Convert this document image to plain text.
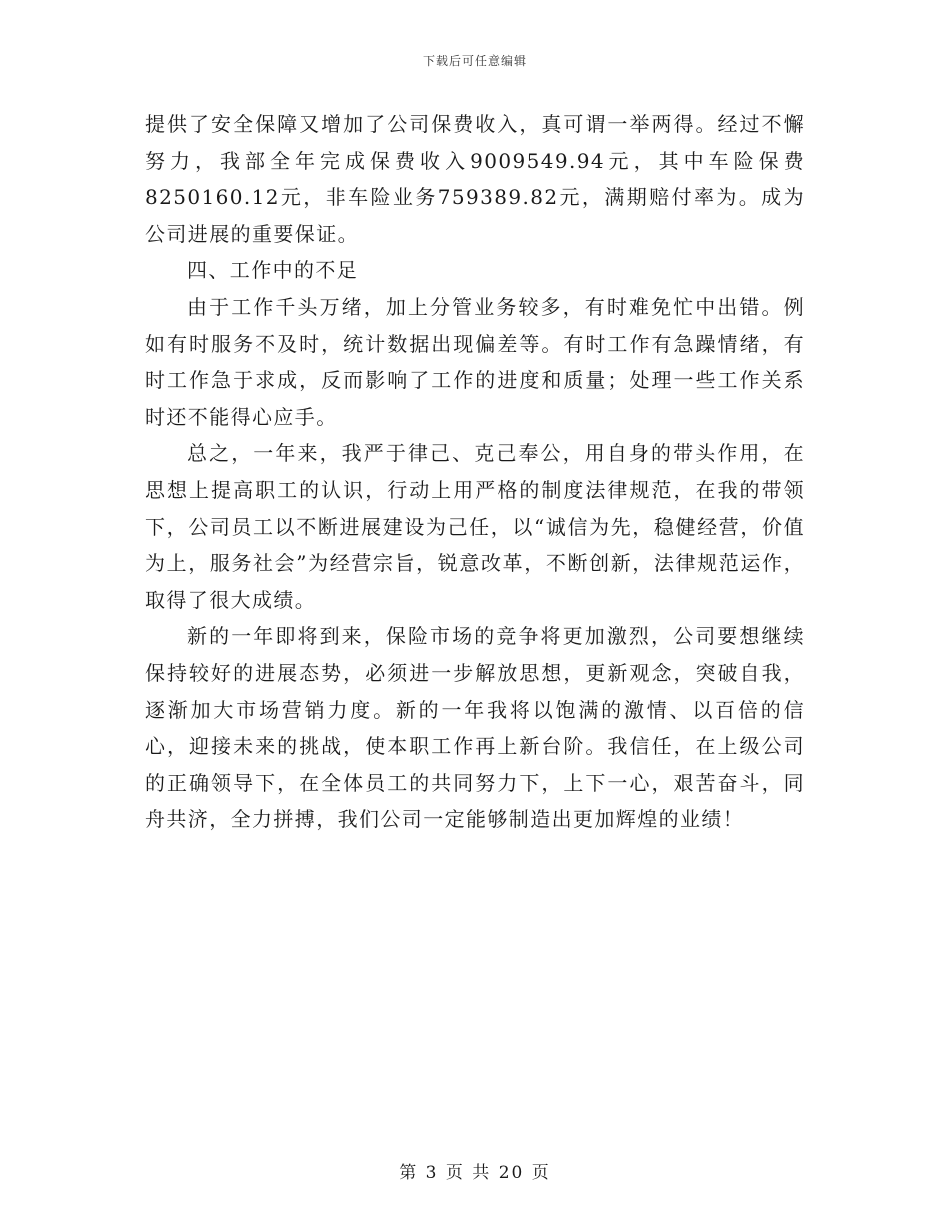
下载后可任意编辑

提供了安全保障又增加了公司保费收入，真可谓一举两得。经过不懈努力，我部全年完成保费收入9009549.94元，其中车险保费8250160.12元，非车险业务759389.82元，满期赔付率为。成为公司进展的重要保证。

四、工作中的不足

由于工作千头万绪，加上分管业务较多，有时难免忙中出错。例如有时服务不及时，统计数据出现偏差等。有时工作有急躁情绪，有时工作急于求成，反而影响了工作的进度和质量；处理一些工作关系时还不能得心应手。

总之，一年来，我严于律己、克己奉公，用自身的带头作用，在思想上提高职工的认识，行动上用严格的制度法律规范，在我的带领下，公司员工以不断进展建设为己任，以“诚信为先，稳健经营，价值为上，服务社会”为经营宗旨，锐意改革，不断创新，法律规范运作，取得了很大成绩。

新的一年即将到来，保险市场的竞争将更加激烈，公司要想继续保持较好的进展态势，必须进一步解放思想，更新观念，突破自我，逐渐加大市场营销力度。新的一年我将以饱满的激情、以百倍的信心，迎接未来的挑战，使本职工作再上新台阶。我信任，在上级公司的正确领导下，在全体员工的共同努力下，上下一心，艰苦奋斗，同舟共济，全力拼搏，我们公司一定能够制造出更加辉煌的业绩！

第 3 页 共 20 页
